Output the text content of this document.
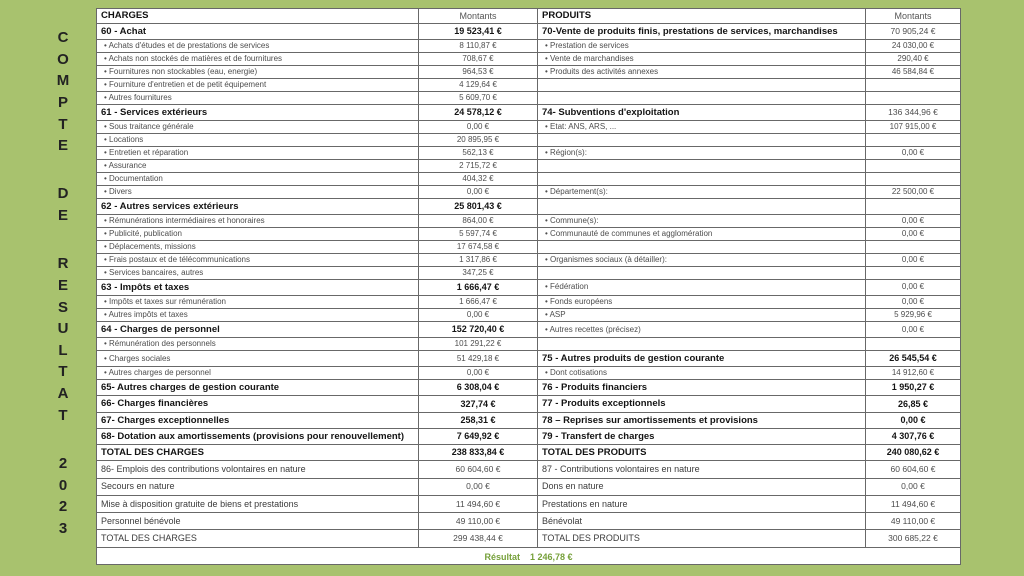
C
O
M
P
T
E
D
E
R
E
S
U
L
T
A
T
2
0
2
3
CHARGES	Montants	PRODUITS	Montants
60 - Achat	19 523,41 €	70-Vente de produits finis, prestations de services, marchandises	70 905,24 €
• Achats d'études et de prestations de services	8 110,87 €	• Prestation de services	24 030,00 €
• Achats non stockés de matières et de fournitures	708,67 €	• Vente de marchandises	290,40 €
• Fournitures non stockables (eau, energie)	964,53 €	• Produits des activités annexes	46 584,84 €
• Fourniture d'entretien et de petit équipement	4 129,64 €		
• Autres fournitures	5 609,70 €		
61 - Services extérieurs	24 578,12 €	74- Subventions d'exploitation	136 344,96 €
• Sous traitance générale	0,00 €	• Etat: ANS, ARS, ...	107 915,00 €
• Locations	20 895,95 €		
• Entretien et réparation	562,13 €	• Région(s):	0,00 €
• Assurance	2 715,72 €		
• Documentation	404,32 €		
• Divers	0,00 €	• Département(s):	22 500,00 €
62 - Autres services extérieurs	25 801,43 €		
• Rémunérations intermédiaires et honoraires	864,00 €	• Commune(s):	0,00 €
• Publicité, publication	5 597,74 €	• Communauté de communes et agglomération	0,00 €
• Déplacements, missions	17 674,58 €		
• Frais postaux et de télécommunications	1 317,86 €	• Organismes sociaux (à détailler):	0,00 €
• Services bancaires, autres	347,25 €		
63 - Impôts et taxes	1 666,47 €	• Fédération	0,00 €
• Impôts et taxes sur rémunération	1 666,47 €	• Fonds européens	0,00 €
• Autres impôts et taxes	0,00 €	• ASP	5 929,96 €
64 - Charges de personnel	152 720,40 €	• Autres recettes (précisez)	0,00 €
• Rémunération des personnels	101 291,22 €		
• Charges sociales	51 429,18 €	75 - Autres produits de gestion courante	26 545,54 €
• Autres charges de personnel	0,00 €	• Dont cotisations	14 912,60 €
65- Autres charges de gestion courante	6 308,04 €	76 - Produits financiers	1 950,27 €
66- Charges financières	327,74 €	77 - Produits exceptionnels	26,85 €
67- Charges exceptionnelles	258,31 €	78 – Reprises sur amortissements et provisions	0,00 €
68- Dotation aux amortissements (provisions pour renouvellement)	7 649,92 €	79 - Transfert de charges	4 307,76 €
TOTAL DES CHARGES	238 833,84 €	TOTAL DES PRODUITS	240 080,62 €
86- Emplois des contributions volontaires en nature	60 604,60 €	87 - Contributions volontaires en nature	60 604,60 €
Secours en nature	0,00 €	Dons en nature	0,00 €
Mise à disposition gratuite de biens et prestations	11 494,60 €	Prestations en nature	11 494,60 €
Personnel bénévole	49 110,00 €	Bénévolat	49 110,00 €
TOTAL DES CHARGES	299 438,44 €	TOTAL DES PRODUITS	300 685,22 €

Résultat 1 246,78 €			
